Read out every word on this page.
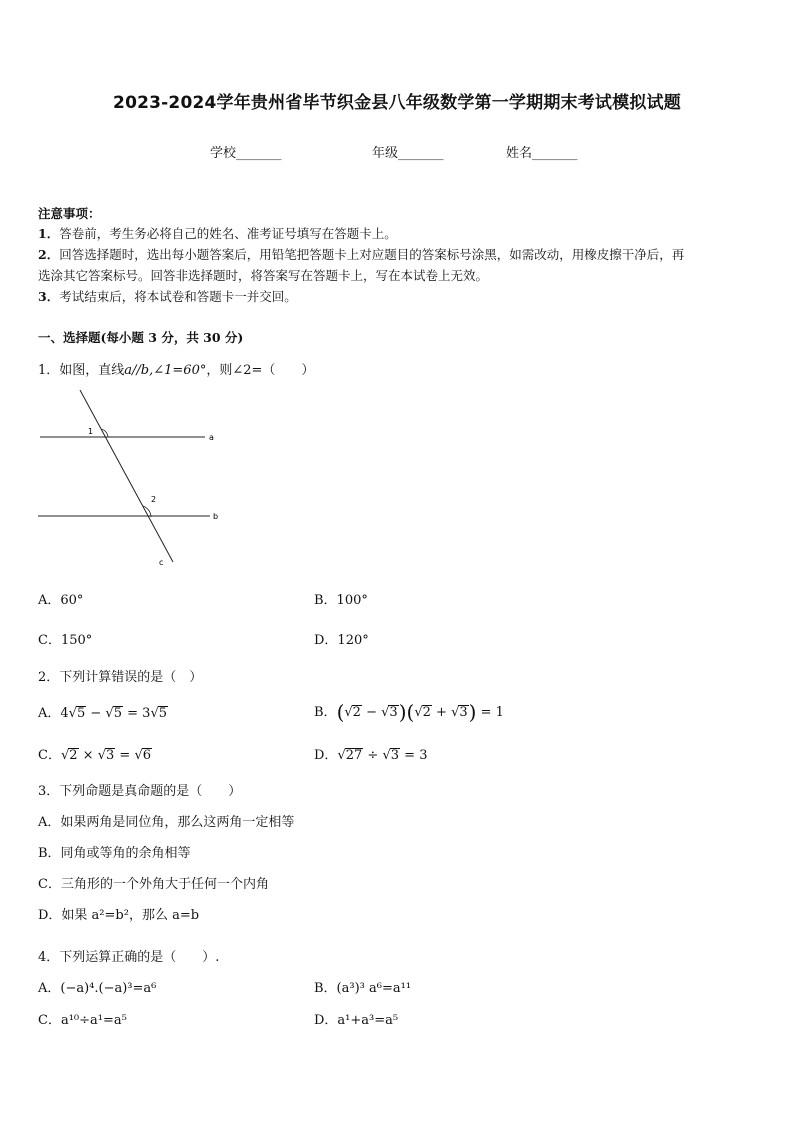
2023-2024学年贵州省毕节织金县八年级数学第一学期期末考试模拟试题
学校_______	年级_______	姓名_______
注意事项：
1．答卷前，考生务必将自己的姓名、准考证号填写在答题卡上。
2．回答选择题时，选出每小题答案后，用铅笔把答题卡上对应题目的答案标号涂黑，如需改动，用橡皮擦干净后，再
选涂其它答案标号。回答非选择题时，将答案写在答题卡上，写在本试卷上无效。
3．考试结束后，将本试卷和答题卡一并交回。
一、选择题(每小题 3 分，共 30 分)
1．如图，直线a//b,∠1=60°，则∠2=（　　）
1
2
a
b
c
A．60°	B．100°
C．150°	D．120°
2．下列计算错误的是（　）
A．4√5 − √5 = 3√5	B．(√2 − √3)(√2 + √3) = 1
C．√2 × √3 = √6	D．√27 ÷ √3 = 3
3．下列命题是真命题的是（　　）
A．如果两角是同位角，那么这两角一定相等
B．同角或等角的余角相等
C．三角形的一个外角大于任何一个内角
D．如果 a²=b²，那么 a=b
4．下列运算正确的是（　　）.
A．(−a)⁴.(−a)³=a⁶	B．(a³)³ a⁶=a¹¹
C．a¹⁰÷a¹=a⁵	D．a¹+a³=a⁵
